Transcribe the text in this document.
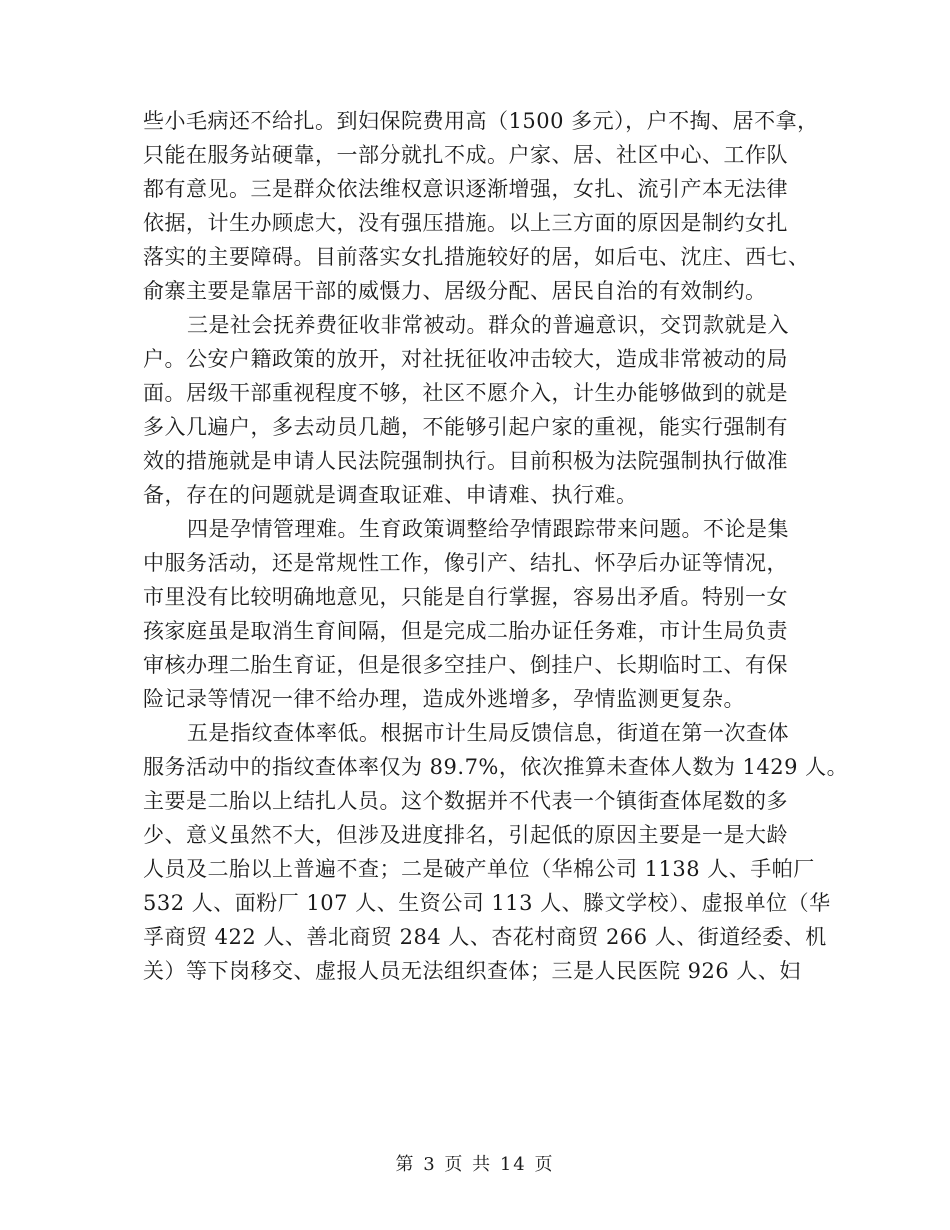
些小毛病还不给扎。到妇保院费用高（1500 多元），户不掏、居不拿，
只能在服务站硬靠，一部分就扎不成。户家、居、社区中心、工作队
都有意见。三是群众依法维权意识逐渐增强，女扎、流引产本无法律
依据，计生办顾虑大，没有强压措施。以上三方面的原因是制约女扎
落实的主要障碍。目前落实女扎措施较好的居，如后屯、沈庄、西七、
俞寨主要是靠居干部的威慑力、居级分配、居民自治的有效制约。
三是社会抚养费征收非常被动。群众的普遍意识，交罚款就是入
户。公安户籍政策的放开，对社抚征收冲击较大，造成非常被动的局
面。居级干部重视程度不够，社区不愿介入，计生办能够做到的就是
多入几遍户，多去动员几趟，不能够引起户家的重视，能实行强制有
效的措施就是申请人民法院强制执行。目前积极为法院强制执行做准
备，存在的问题就是调查取证难、申请难、执行难。
四是孕情管理难。生育政策调整给孕情跟踪带来问题。不论是集
中服务活动，还是常规性工作，像引产、结扎、怀孕后办证等情况，
市里没有比较明确地意见，只能是自行掌握，容易出矛盾。特别一女
孩家庭虽是取消生育间隔，但是完成二胎办证任务难，市计生局负责
审核办理二胎生育证，但是很多空挂户、倒挂户、长期临时工、有保
险记录等情况一律不给办理，造成外逃增多，孕情监测更复杂。
五是指纹查体率低。根据市计生局反馈信息，街道在第一次查体
服务活动中的指纹查体率仅为 89.7%，依次推算未查体人数为 1429 人。
主要是二胎以上结扎人员。这个数据并不代表一个镇街查体尾数的多
少、意义虽然不大，但涉及进度排名，引起低的原因主要是一是大龄
人员及二胎以上普遍不查；二是破产单位（华棉公司 1138 人、手帕厂
532 人、面粉厂 107 人、生资公司 113 人、滕文学校）、虚报单位（华
孚商贸 422 人、善北商贸 284 人、杏花村商贸 266 人、街道经委、机
关）等下岗移交、虚报人员无法组织查体；三是人民医院 926 人、妇
第 3 页 共 14 页
